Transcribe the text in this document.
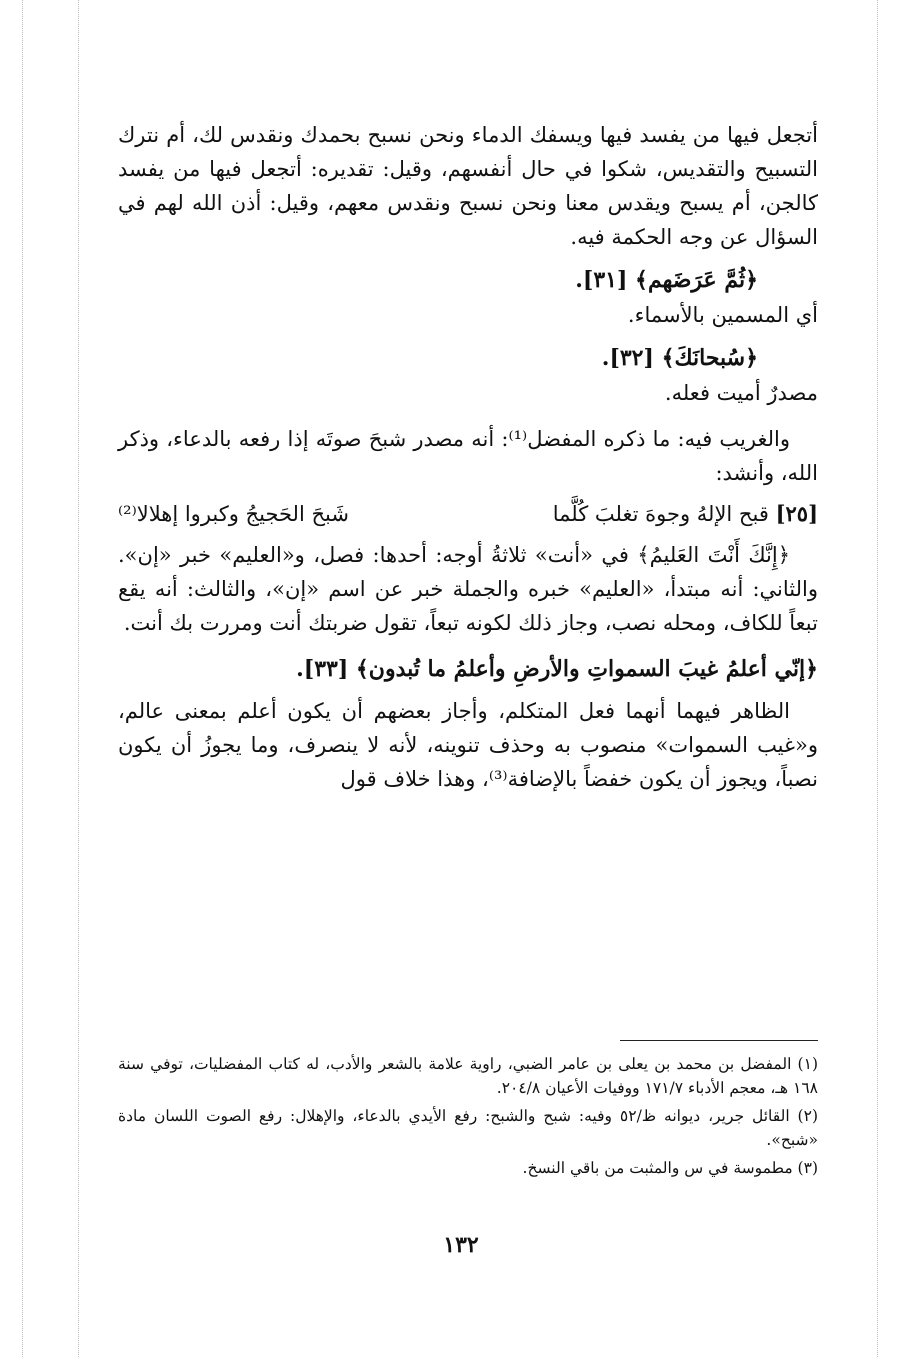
أتجعل فيها من يفسد فيها ويسفك الدماء ونحن نسبح بحمدك ونقدس لك، أم نترك التسبيح والتقديس، شكوا في حال أنفسهم، وقيل: تقديره: أتجعل فيها من يفسد كالجن، أم يسبح ويقدس معنا ونحن نسبح ونقدس معهم، وقيل: أذن الله لهم في السؤال عن وجه الحكمة فيه.

﴿ثُمَّ عَرَضَهم﴾ [٣١].

أي المسمين بالأسماء.

﴿سُبحانَكَ﴾ [٣٢].

مصدرٌ أميت فعله.

والغريب فيه: ما ذكره المفضل⁽¹⁾: أنه مصدر شبحَ صوتَه إذا رفعه بالدعاء، وذكر الله، وأنشد:

[٢٥] قبح الإلهُ وجوهَ تغلبَ كُلَّما
شَبحَ الحَجيجُ وكبروا إهلالا⁽²⁾

﴿إِنَّكَ أَنْتَ العَليمُ﴾ في «أنت» ثلاثةُ أوجه: أحدها: فصل، و«العليم» خبر «إن». والثاني: أنه مبتدأ، «العليم» خبره والجملة خبر عن اسم «إن»، والثالث: أنه يقع تبعاً للكاف، ومحله نصب، وجاز ذلك لكونه تبعاً، تقول ضربتك أنت ومررت بك أنت.

﴿إنّي أعلمُ غيبَ السمواتِ والأرضِ وأعلمُ ما تُبدون﴾ [٣٣].

الظاهر فيهما أنهما فعل المتكلم، وأجاز بعضهم أن يكون أعلم بمعنى عالم، و«غيب السموات» منصوب به وحذف تنوينه، لأنه لا ينصرف، وما يجوزُ أن يكون نصباً، ويجوز أن يكون خفضاً بالإضافة⁽³⁾، وهذا خلاف قول

(١) المفضل بن محمد بن يعلى بن عامر الضبي، راوية علامة بالشعر والأدب، له كتاب المفضليات، توفي سنة ١٦٨ هـ، معجم الأدباء ١٧١/٧ ووفيات الأعيان ٢٠٤/٨.

(٢) القائل جرير، ديوانه ظ/٥٢ وفيه: شبح والشبح: رفع الأيدي بالدعاء، والإهلال: رفع الصوت اللسان مادة «شبح».

(٣) مطموسة في س والمثبت من باقي النسخ.

١٣٢
